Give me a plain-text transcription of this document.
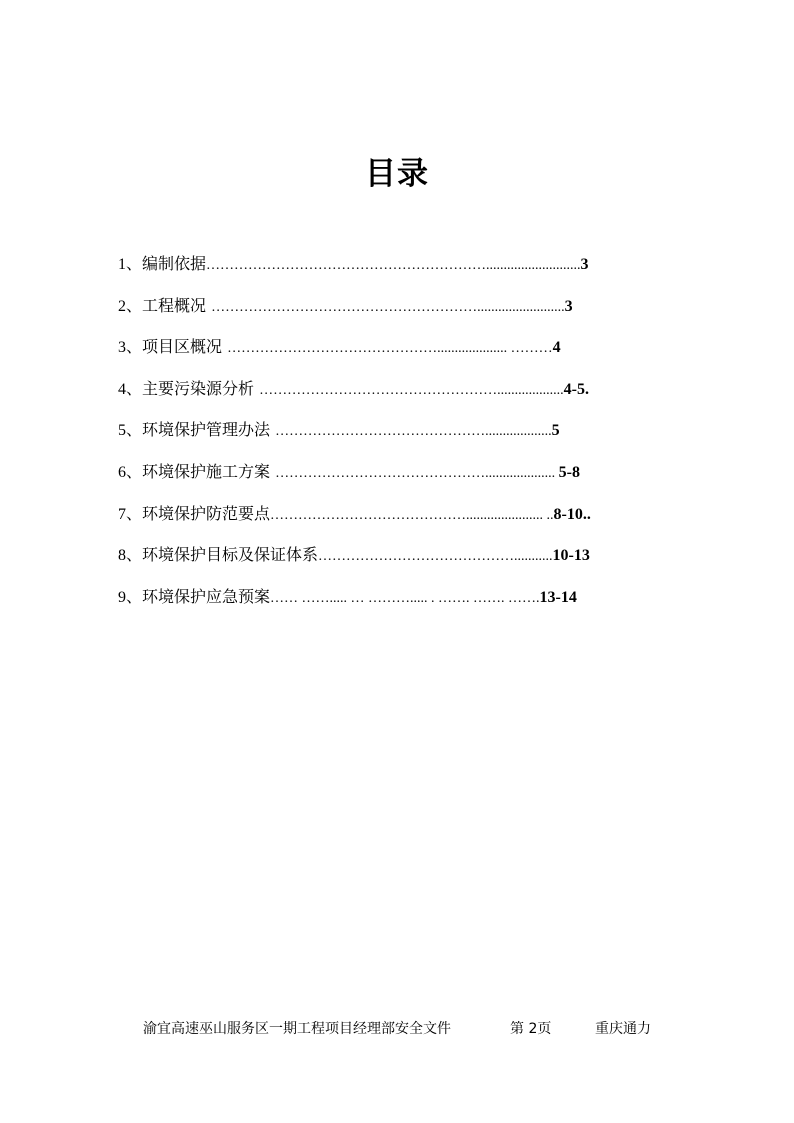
目录
1、编制依据……………………………………………………...........................3
2、工程概况 ………………………………………………….........................3
3、项目区概况 ……………………………………….................... ………4
4、主要污染源分析 ……………………………………………...................4-5.
5、环境保护管理办法 ………………………………………...................5
6、环境保护施工方案 ……………………………………….................... 5-8
7、环境保护防范要点……………………………………...................... ..8-10..
8、环境保护目标及保证体系……………………………………...........10-13
9、环境保护应急预案…… ……..... … ………..... . ……. ……. …….13-14
渝宜高速巫山服务区一期工程项目经理部安全文件	第 2页	重庆通力
